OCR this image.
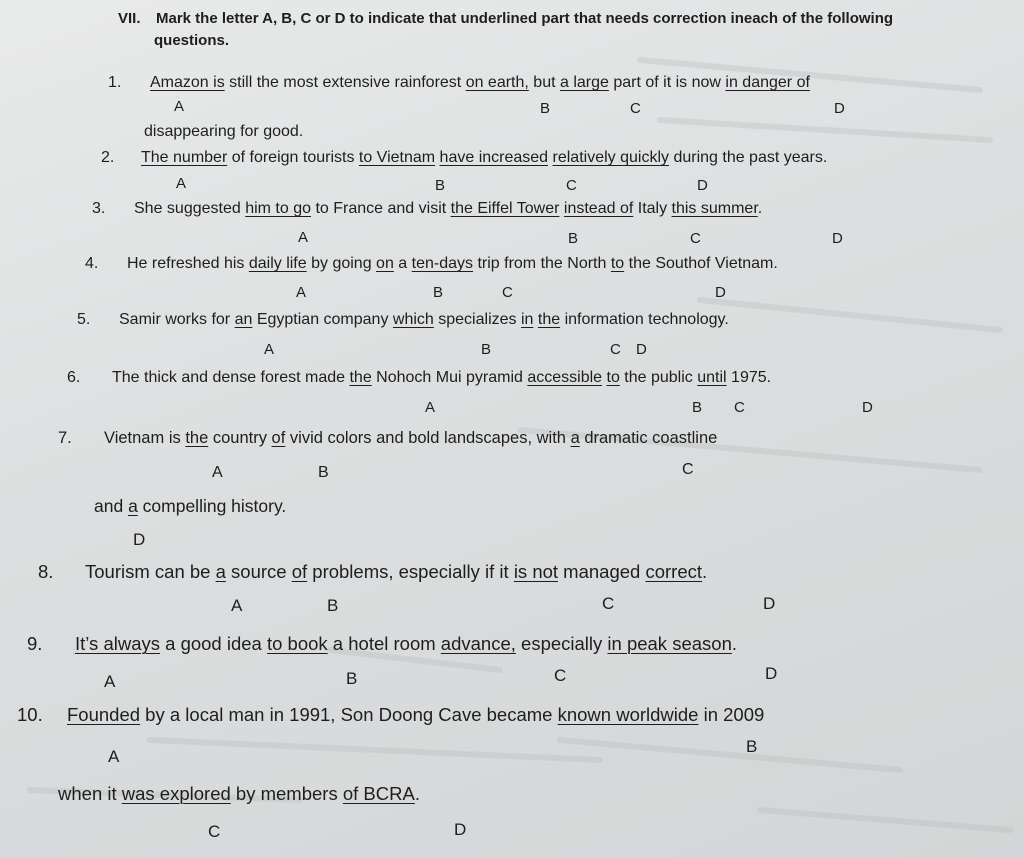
VII. Mark the letter A, B, C or D to indicate that underlined part that needs correction ineach of the following
questions.
1. Amazon is still the most extensive rainforest on earth, but a large part of it is now in danger of
A	B	C	D
disappearing for good.
2. The number of foreign tourists to Vietnam have increased relatively quickly during the past years.
A	B	C	D
3. She suggested him to go to France and visit the Eiffel Tower instead of Italy this summer.
A	B	C	D
4. He refreshed his daily life by going on a ten-days trip from the North to the Southof Vietnam.
A	B	C	D
5. Samir works for an Egyptian company which specializes in the information technology.
A	B	C D
6. The thick and dense forest made the Nohoch Mui pyramid accessible to the public until 1975.
A	B C	D
7. Vietnam is the country of vivid colors and bold landscapes, with a dramatic coastline
A	B	C
and a compelling history.
D
8. Tourism can be a source of problems, especially if it is not managed correct.
A	B	C	D
9. It’s always a good idea to book a hotel room advance, especially in peak season.
A	B	C	D
10. Founded by a local man in 1991, Son Doong Cave became known worldwide in 2009
A
B
when it was explored by members of BCRA.
C	D
